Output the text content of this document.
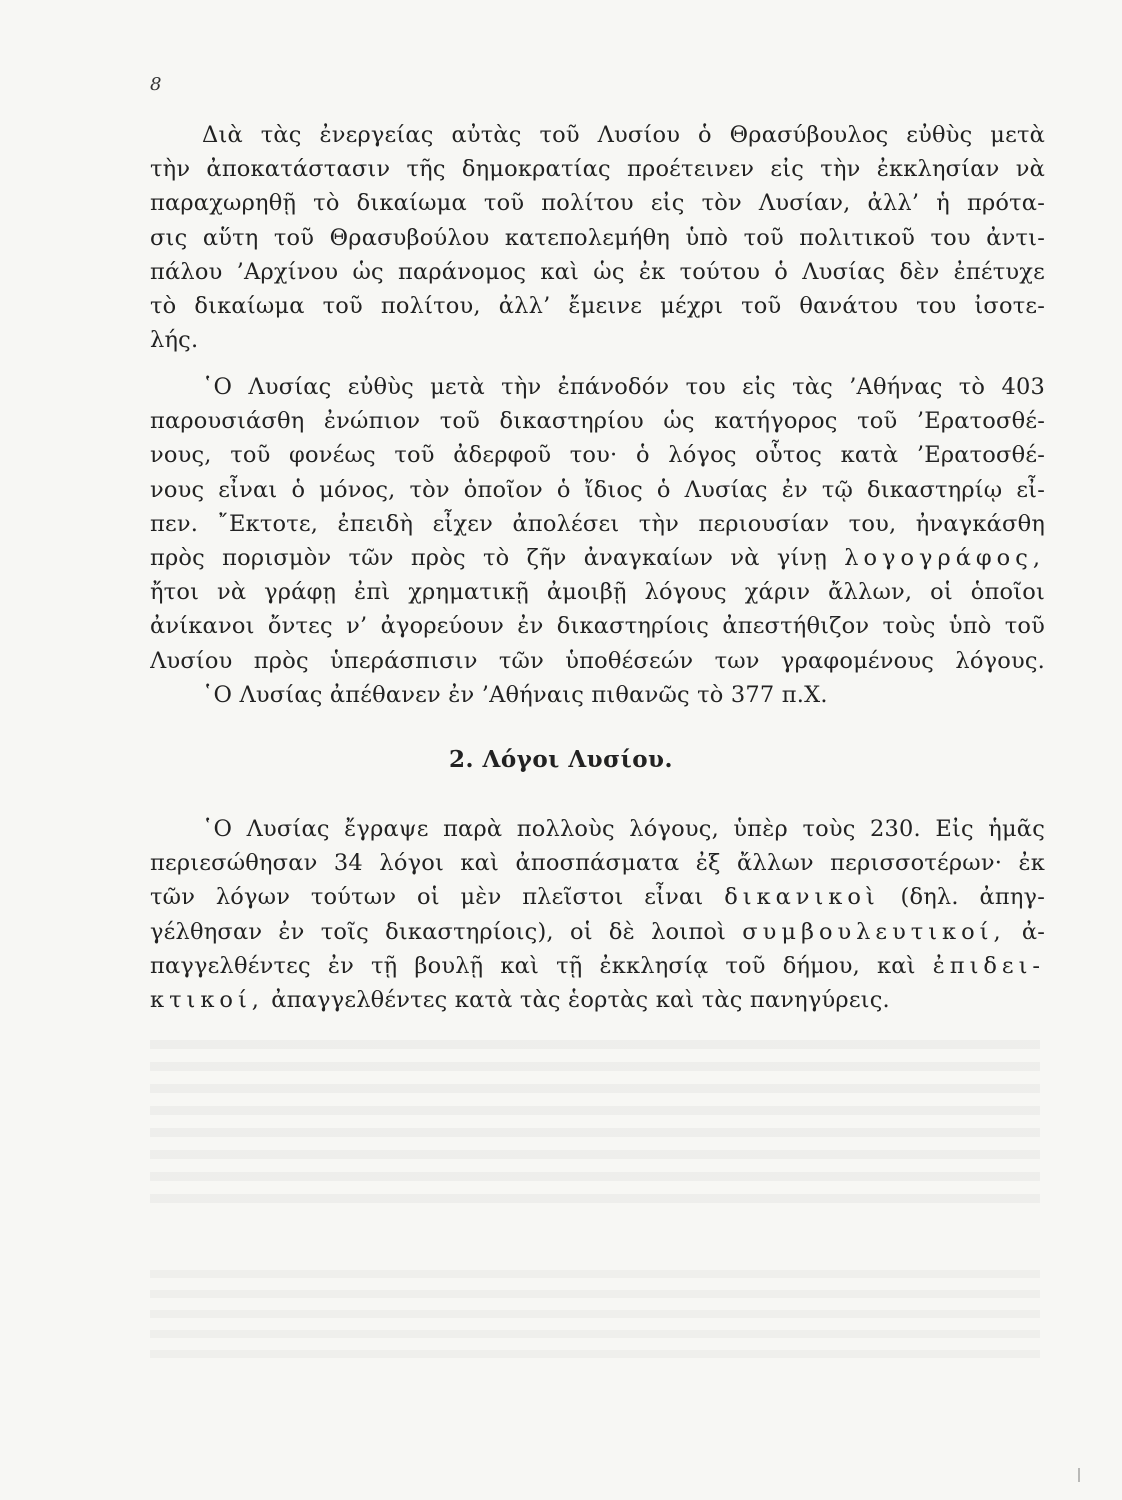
8
Διὰ τὰς ἐνεργείας αὐτὰς τοῦ Λυσίου ὁ Θρασύβουλος εὐθὺς μετὰ
τὴν ἀποκατάστασιν τῆς δημοκρατίας προέτεινεν εἰς τὴν ἐκκλησίαν νὰ
παραχωρηθῇ τὸ δικαίωμα τοῦ πολίτου εἰς τὸν Λυσίαν, ἀλλ’ ἡ πρότα-
σις αὕτη τοῦ Θρασυβούλου κατεπολεμήθη ὑπὸ τοῦ πολιτικοῦ του ἀντι-
πάλου ’Αρχίνου ὡς παράνομος καὶ ὡς ἐκ τούτου ὁ Λυσίας δὲν ἐπέτυχε
τὸ δικαίωμα τοῦ πολίτου, ἀλλ’ ἔμεινε μέχρι τοῦ θανάτου του ἰσοτε-
λής.
῾Ο Λυσίας εὐθὺς μετὰ τὴν ἐπάνοδόν του εἰς τὰς ’Αθήνας τὸ 403
παρουσιάσθη ἐνώπιον τοῦ δικαστηρίου ὡς κατήγορος τοῦ ’Ερατοσθέ-
νους, τοῦ φονέως τοῦ ἀδερφοῦ του· ὁ λόγος οὗτος κατὰ ’Ερατοσθέ-
νους εἶναι ὁ μόνος, τὸν ὁποῖον ὁ ἴδιος ὁ Λυσίας ἐν τῷ δικαστηρίῳ εἶ-
πεν. ῎Εκτοτε, ἐπειδὴ εἶχεν ἀπολέσει τὴν περιουσίαν του, ἠναγκάσθη
πρὸς πορισμὸν τῶν πρὸς τὸ ζῆν ἀναγκαίων νὰ γίνῃ λογογράφος,
ἤτοι νὰ γράφῃ ἐπὶ χρηματικῇ ἀμοιβῇ λόγους χάριν ἄλλων, οἱ ὁποῖοι
ἀνίκανοι ὄντες ν’ ἀγορεύουν ἐν δικαστηρίοις ἀπεστήθιζον τοὺς ὑπὸ τοῦ
Λυσίου πρὸς ὑπεράσπισιν τῶν ὑποθέσεών των γραφομένους λόγους.
῾Ο Λυσίας ἀπέθανεν ἐν ’Αθήναις πιθανῶς τὸ 377 π.Χ.
2. Λόγοι Λυσίου.
῾Ο Λυσίας ἔγραψε παρὰ πολλοὺς λόγους, ὑπὲρ τοὺς 230. Εἰς ἡμᾶς
περιεσώθησαν 34 λόγοι καὶ ἀποσπάσματα ἐξ ἄλλων περισσοτέρων· ἐκ
τῶν λόγων τούτων οἱ μὲν πλεῖστοι εἶναι δικανικοὶ (δηλ. ἀπηγ-
γέλθησαν ἐν τοῖς δικαστηρίοις), οἱ δὲ λοιποὶ συμβουλευτικοί, ἀ-
παγγελθέντες ἐν τῇ βουλῇ καὶ τῇ ἐκκλησίᾳ τοῦ δήμου, καὶ ἐπιδει-
κτικοί, ἀπαγγελθέντες κατὰ τὰς ἑορτὰς καὶ τὰς πανηγύρεις.
